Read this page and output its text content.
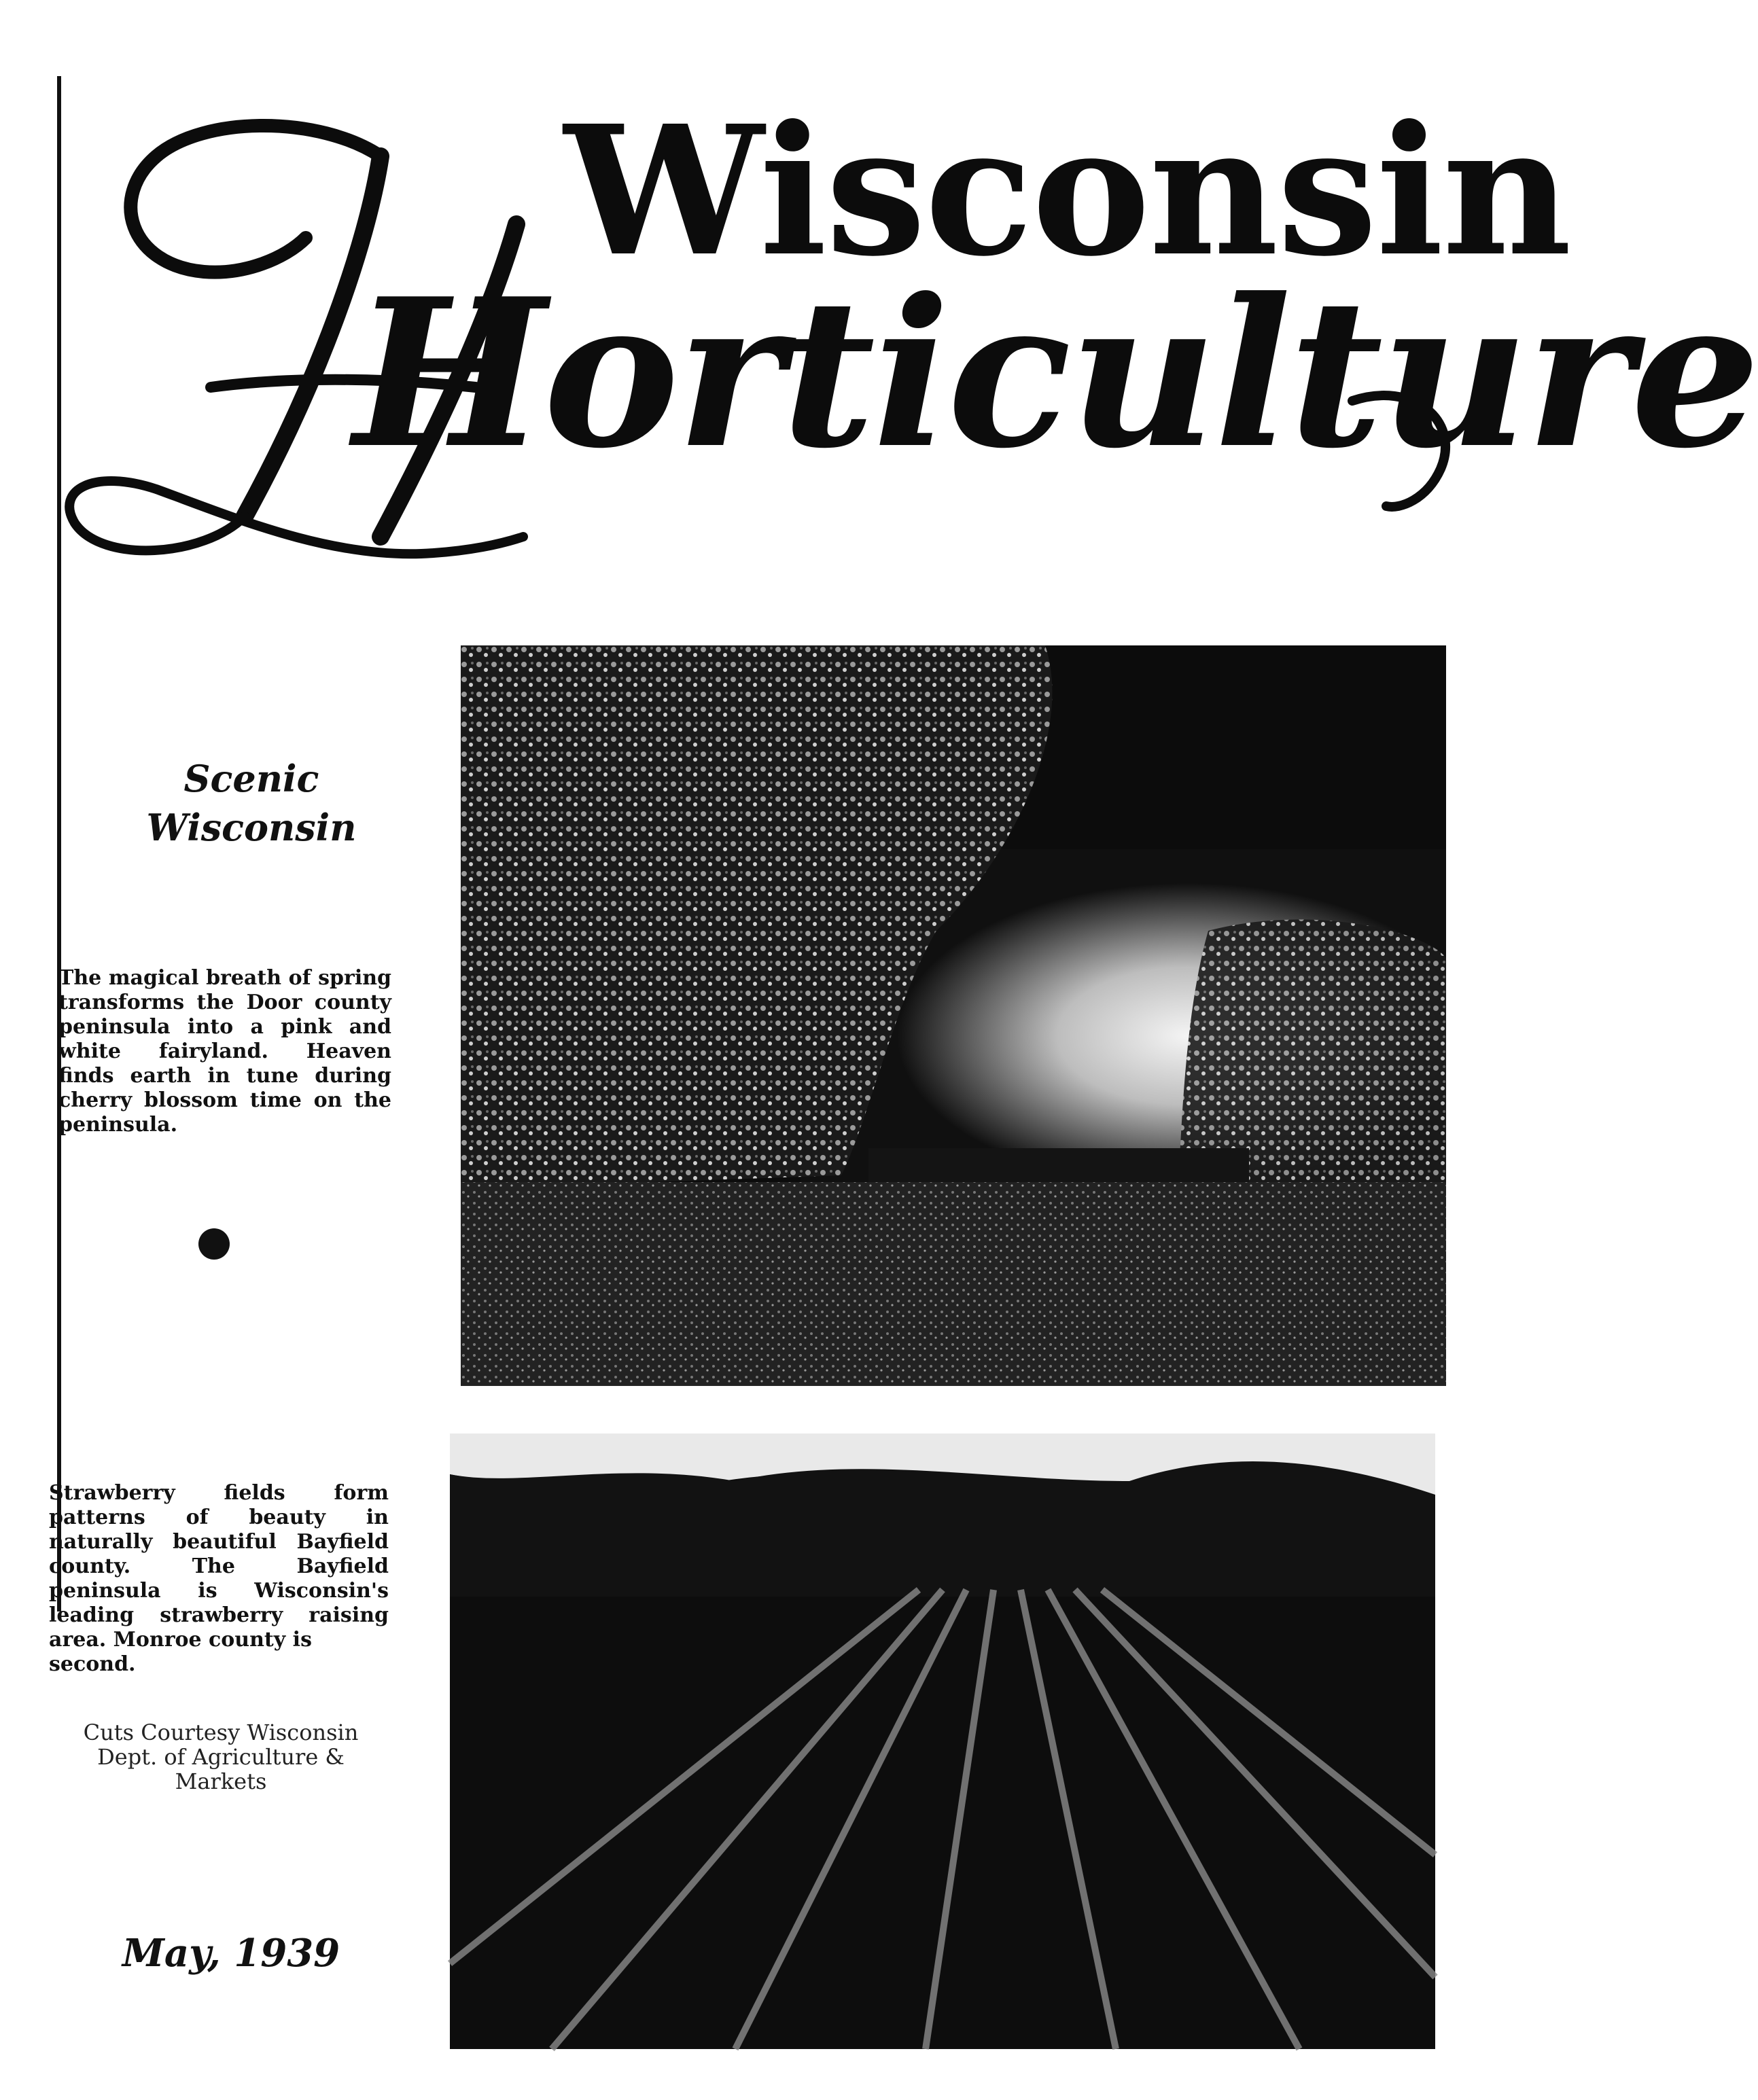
Wisconsin
Horticulture
Scenic
Wisconsin
The magical breath of spring transforms the Door county peninsula into a pink and white fairyland. Heaven finds earth in tune during cherry blossom time on the peninsula.
Strawberry fields form patterns of beauty in naturally beautiful Bayfield county. The Bayfield peninsula is Wisconsin's leading strawberry raising area. Monroe county is
second.
Cuts Courtesy Wisconsin
Dept. of Agriculture &
Markets
May, 1939
